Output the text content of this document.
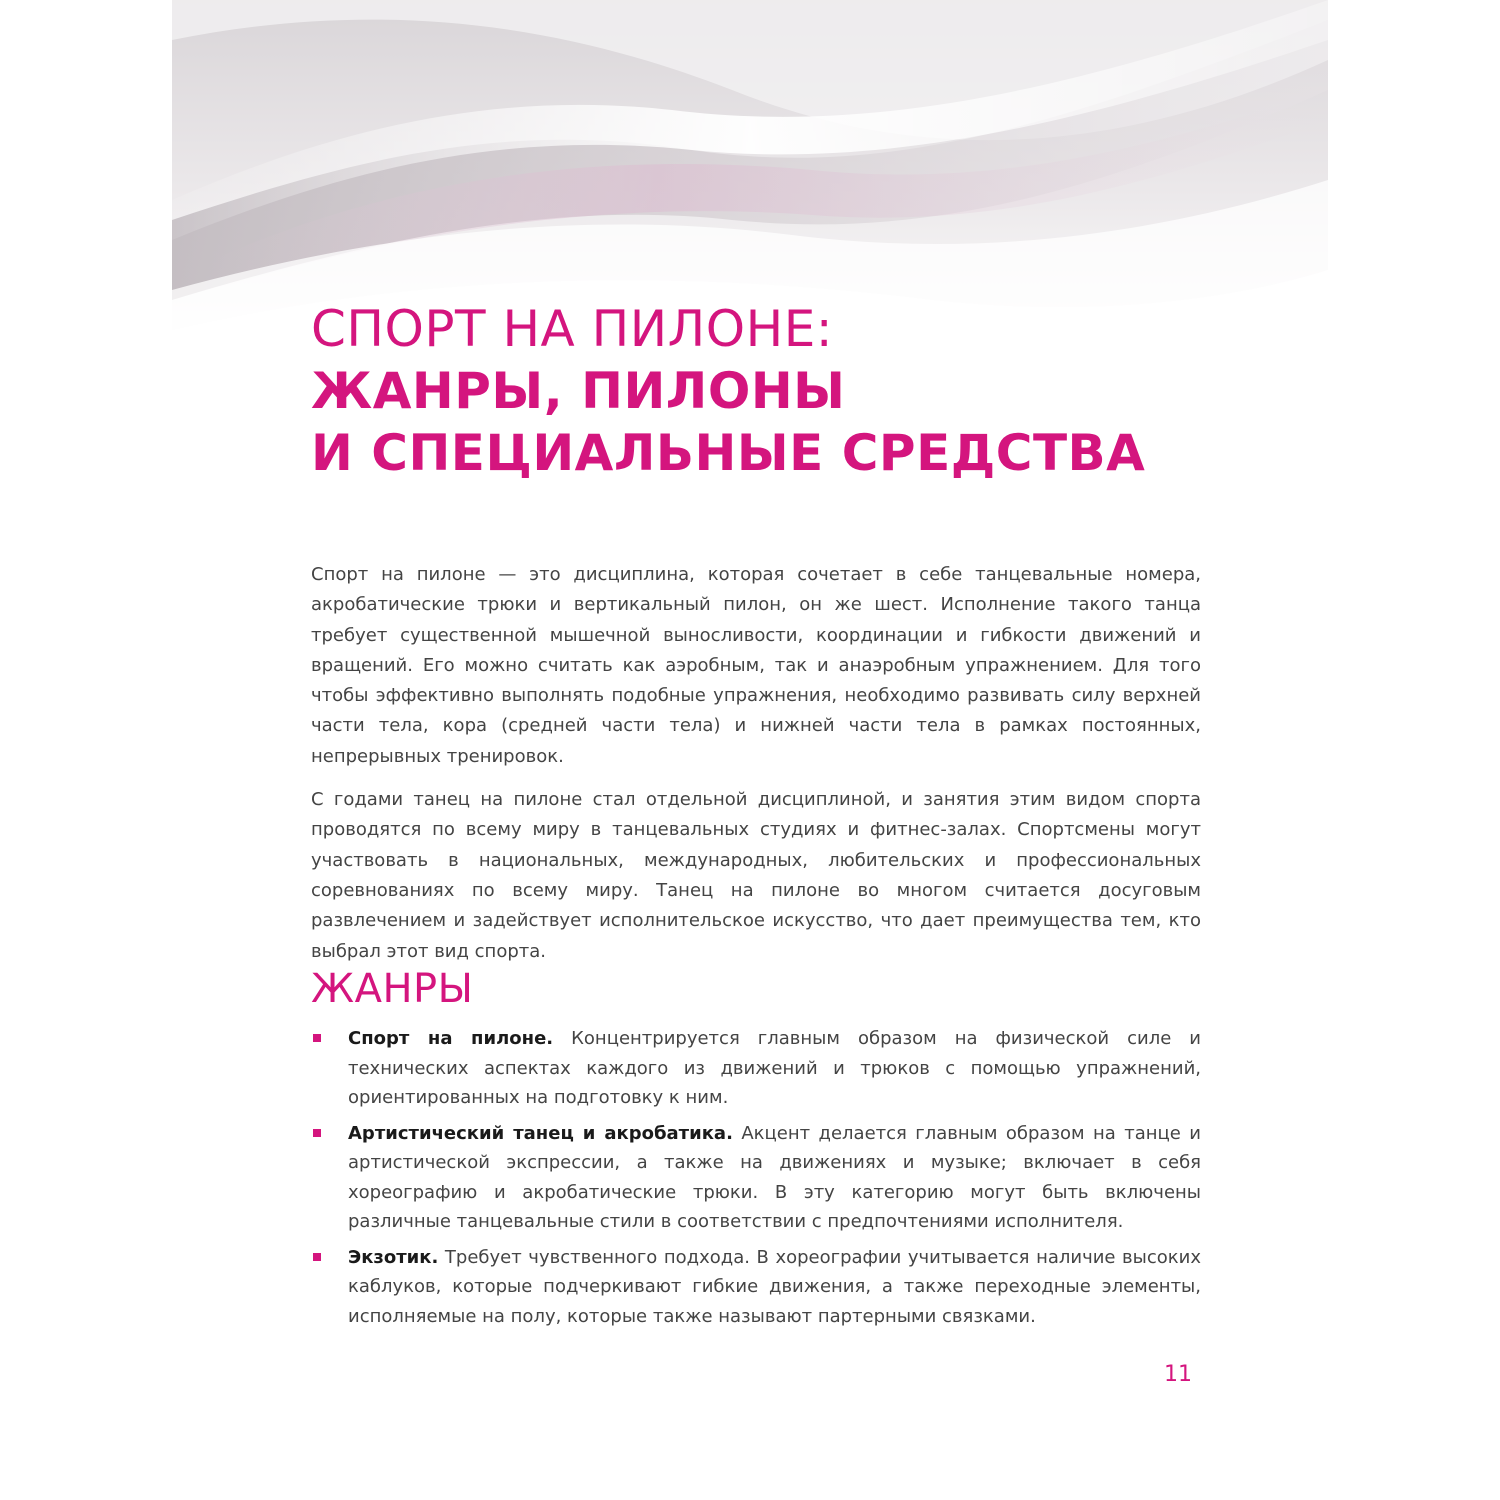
СПОРТ НА ПИЛОНЕ:
ЖАНРЫ, ПИЛОНЫ
И СПЕЦИАЛЬНЫЕ СРЕДСТВА

Спорт на пилоне — это дисциплина, которая сочетает в себе танцевальные номера, акробатические трюки и вертикальный пилон, он же шест. Исполнение такого танца требует существенной мышечной выносливости, координации и гибкости движений и вращений. Его можно считать как аэробным, так и анаэробным упражнением. Для того чтобы эффективно выполнять подобные упражнения, необходимо развивать силу верхней части тела, кора (средней части тела) и нижней части тела в рамках постоянных, непрерывных тренировок.

С годами танец на пилоне стал отдельной дисциплиной, и занятия этим видом спорта проводятся по всему миру в танцевальных студиях и фитнес-залах. Спортсмены могут участвовать в национальных, международных, любительских и профессиональных соревнованиях по всему миру. Танец на пилоне во многом считается досуговым развлечением и задействует исполнительское искусство, что дает преимущества тем, кто выбрал этот вид спорта.

ЖАНРЫ
Спорт на пилоне. Концентрируется главным образом на физической силе и технических аспектах каждого из движений и трюков с помощью упражнений, ориентированных на подготовку к ним.
Артистический танец и акробатика. Акцент делается главным образом на танце и артистической экспрессии, а также на движениях и музыке; включает в себя хореографию и акробатические трюки. В эту категорию могут быть включены различные танцевальные стили в соответствии с предпочтениями исполнителя.
Экзотик. Требует чувственного подхода. В хореографии учитывается наличие высоких каблуков, которые подчеркивают гибкие движения, а также переходные элементы, исполняемые на полу, которые также называют партерными связками.
11
